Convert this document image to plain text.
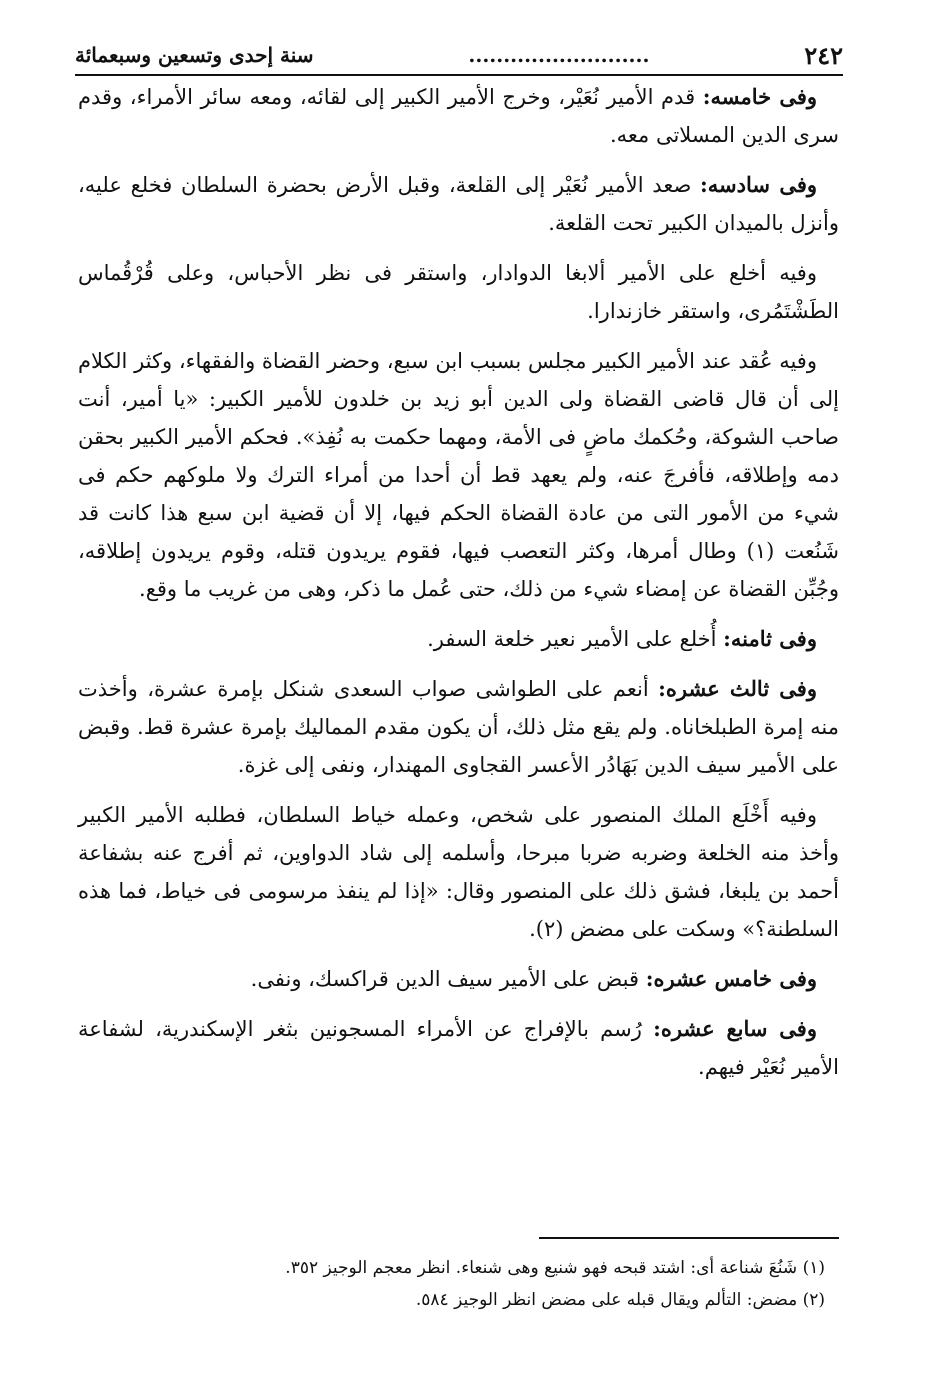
٢٤٢
..........................
سنة إحدى وتسعين وسبعمائة

وفى خامسه: قدم الأمير نُعَيْر، وخرج الأمير الكبير إلى لقائه، ومعه سائر الأمراء، وقدم سرى الدين المسلاتى معه.

وفى سادسه: صعد الأمير نُعَيْر إلى القلعة، وقبل الأرض بحضرة السلطان فخلع عليه، وأنزل بالميدان الكبير تحت القلعة.

وفيه أخلع على الأمير ألابغا الدوادار، واستقر فى نظر الأحباس، وعلى قُرْقُماس الطَشْتَمُرى، واستقر خازندارا.

وفيه عُقد عند الأمير الكبير مجلس بسبب ابن سبع، وحضر القضاة والفقهاء، وكثر الكلام إلى أن قال قاضى القضاة ولى الدين أبو زيد بن خلدون للأمير الكبير: «يا أمير، أنت صاحب الشوكة، وحُكمك ماضٍ فى الأمة، ومهما حكمت به نُفِذ». فحكم الأمير الكبير بحقن دمه وإطلاقه، فأفرجَ عنه، ولم يعهد قط أن أحدا من أمراء الترك ولا ملوكهم حكم فى شيء من الأمور التى من عادة القضاة الحكم فيها، إلا أن قضية ابن سبع هذا كانت قد شَنُعت (١) وطال أمرها، وكثر التعصب فيها، فقوم يريدون قتله، وقوم يريدون إطلاقه، وجُبِّن القضاة عن إمضاء شيء من ذلك، حتى عُمل ما ذكر، وهى من غريب ما وقع.

وفى ثامنه: أُخلع على الأمير نعير خلعة السفر.

وفى ثالث عشره: أنعم على الطواشى صواب السعدى شنكل بإمرة عشرة، وأخذت منه إمرة الطبلخاناه. ولم يقع مثل ذلك، أن يكون مقدم المماليك بإمرة عشرة قط. وقبض على الأمير سيف الدين بَهَادُر الأعسر القجاوى المهندار، ونفى إلى غزة.

وفيه أَخْلَع الملك المنصور على شخص، وعمله خياط السلطان، فطلبه الأمير الكبير وأخذ منه الخلعة وضربه ضربا مبرحا، وأسلمه إلى شاد الدواوين، ثم أفرج عنه بشفاعة أحمد بن يلبغا، فشق ذلك على المنصور وقال: «إذا لم ينفذ مرسومى فى خياط، فما هذه السلطنة؟» وسكت على مضض (٢).

وفى خامس عشره: قبض على الأمير سيف الدين قراكسك، ونفى.

وفى سابع عشره: رُسم بالإفراج عن الأمراء المسجونين بثغر الإسكندرية، لشفاعة الأمير نُعَيْر فيهم.

(١) شَنُعَ شناعة أى: اشتد قبحه فهو شنيع وهى شنعاء. انظر معجم الوجيز ٣٥٢.

(٢) مضض: التألم ويقال قبله على مضض انظر الوجيز ٥٨٤.
